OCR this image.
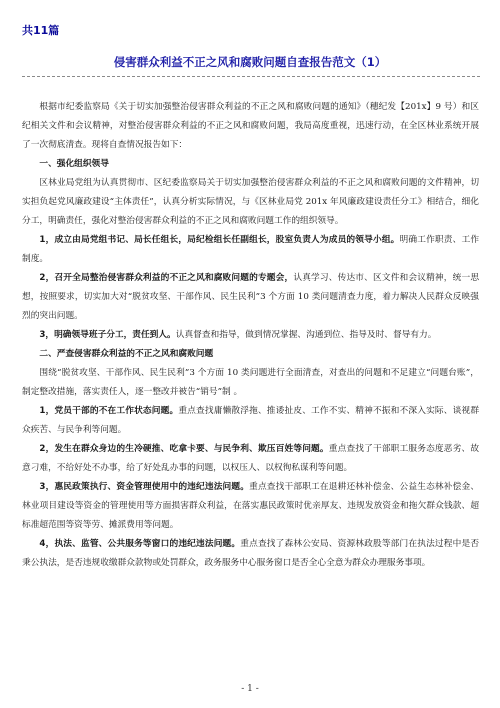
共11篇
侵害群众利益不正之风和腐败问题自查报告范文（1）

根据市纪委监察局《关于切实加强整治侵害群众利益的不正之风和腐败问题的通知》（穗纪发【201x】9 号）和区纪相关文件和会议精神，对整治侵害群众利益的不正之风和腐败问题，我局高度重视，迅速行动，在全区林业系统开展了一次彻底清查。现将自查情况报告如下：

一、强化组织领导

区林业局党组为认真贯彻市、区纪委监察局关于切实加强整治侵害群众利益的不正之风和腐败问题的文件精神，切实担负起党风廉政建设“主体责任”，认真分析实际情况，与《区林业局党 201x 年风廉政建设责任分工》相结合，细化分工，明确责任，强化对整治侵害群众利益的不正之风和腐败问题工作的组织领导。

1，成立由局党组书记、局长任组长，局纪检组长任副组长，股室负责人为成员的领导小组。明确工作职责、工作制度。

2，召开全局整治侵害群众利益的不正之风和腐败问题的专题会，认真学习、传达市、区文件和会议精神，统一思想，按照要求，切实加大对“脱贫攻坚、干部作风、民生民利”3 个方面 10 类问题清查力度，着力解决人民群众反映强烈的突出问题。

3，明确领导班子分工，责任到人。认真督查和指导，做到情况掌握、沟通到位、指导及时、督导有力。

二、严查侵害群众利益的不正之风和腐败问题

围绕“脱贫攻坚、干部作风、民生民利”3 个方面 10 类问题进行全面清查，对查出的问题和不足建立“问题台账”，制定整改措施，落实责任人，逐一整改并被告“销号”制 。

1，党员干部的不在工作状态问题。重点查找庸懒散浮拖、推诿扯皮、工作不实、精神不振和不深入实际、谈视群众疾苦、与民争利等问题。

2，发生在群众身边的生冷硬推、吃拿卡要、与民争利、欺压百姓等问题。重点查找了干部职工服务态度恶劣、故意刁难，不给好处不办事，给了好处乱办事的问题，以权压人、以权徇私谋利等问题。

3，惠民政策执行、资金管理使用中的违纪违法问题。重点查找干部职工在退耕还林补偿金、公益生态林补偿金、林业项目建设等资金的管理使用等方面损害群众利益，在落实惠民政策时优亲厚友、违规发放资金和拖欠群众钱款、超标准超范围等资等劳、摊派费用等问题。

4，执法、监管、公共服务等窗口的违纪违法问题。重点查找了森林公安局、资源林政股等部门在执法过程中是否秉公执法，是否违规收缴群众款物或处罚群众，政务服务中心服务窗口是否全心全意为群众办理服务事项。

- 1 -
